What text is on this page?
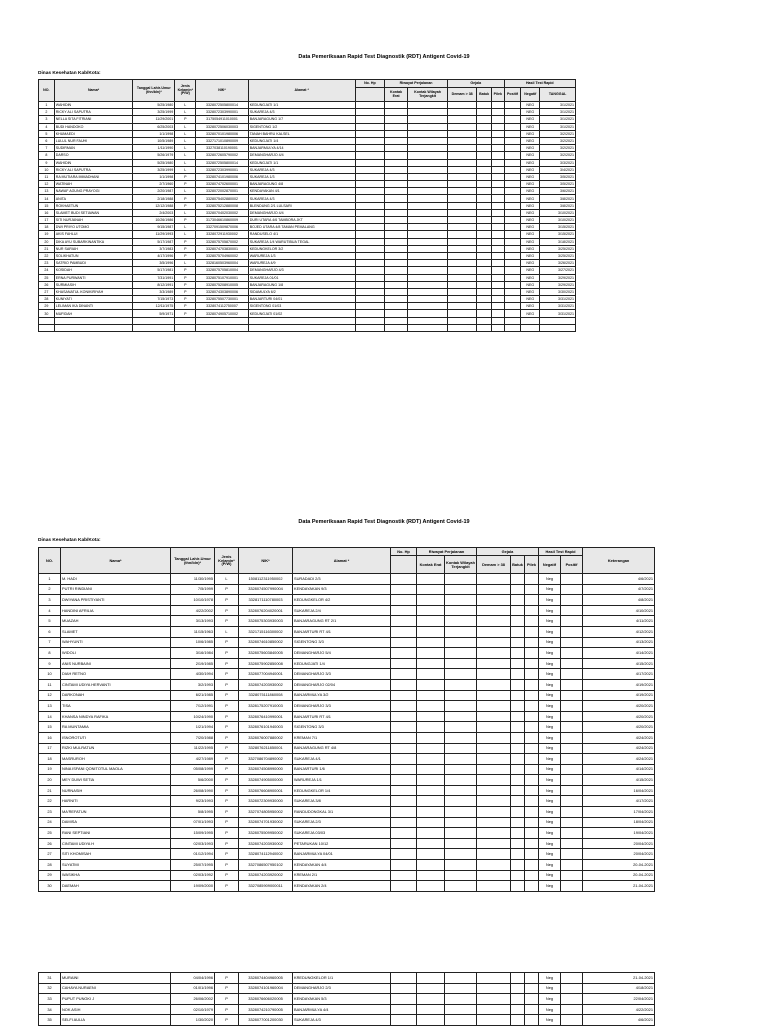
Data Pemeriksaan Rapid Test Diagnostik (RDT) Antigent Covid-19
Dinas Kesehatan Kab/Kota:
NO.	Nama*	Tanggal Lahir-Umur (thn/bln)*	Jenis Kelamin* (P/W)	NIK*	Alamat *	No. Hp	Riwayat Perjalanan		Gejala			Hasil Test Rapid		
							Kontak Erat	Kontak Wilayah Terjangkit	Demam > 38	Batuk	Pilek	Positif	Negatif	TANGGAL
1	WAHIDIN	5/25/1980	L	3328072505800014	KEDUNGJATI 1/1								NEG	3/1/2021
2	RICKY ALI SAPUTRA	3/25/1999	L	3328072303990001	SUKAREJA 4/3								NEG	3/1/2021
3	NELLA SITA FITRIANI	11/29/2001	P	3175054911010001	BANJARAGUNG 1/7								NEG	3/1/2021
4	BUDI HANDOKO	6/25/2003	L	3328072506030003	SIGENTONG 1/2								NEG	3/1/2021
5	KHUMAEDI	1/1/1998	L	3328070101980006	TANAH BAHRU KALSEL								NEG	3/2/2021
6	LULUL NUR FAUHI	10/5/1989	L	3327171010890009	KEDUNGJATI 1/4								NEG	3/2/2021
7	SUDIRMAN	1/11/1990	L	3327038110190001	BANJARMULYA 4/14								NEG	3/2/2021
8	DARSO	5/26/1979	L	3328072605790002	DEMANGHARJO 4/4								NEG	3/2/2021
9	WAHIDIN	5/25/1980	L	3328072505800014	KEDUNGJATI 1/1								NEG	3/3/2021
10	RICKY ALI SAPUTRA	3/25/1999	L	3328072303990001	SUKAREJA 4/3								NEG	3/4/2021
11	RA MUTIARA IMMADHANI	1/1/1998	P	3328074101980006	SUKAREJA 1/3								NEG	3/5/2021
12	WATINAH	2/7/1960	P	3328074702600001	BANJARAGUNG 4/8								NEG	3/5/2021
13	NAWAF AGUNG PRAYOGI	2/20/1987	L	3328072002870001	KENDAYAKAN 4/1								NEG	3/6/2021
14	ANITA	2/18/1988	P	3328075402880002	SUKAREJA 4/3								NEG	3/8/2021
15	ROKHAETUN	12/12/1988	P	3328075212880008	BLENDUNG 2/1 LULSARI								NEG	3/8/2021
16	SLAMET BUDI SETIAWAN	2/4/2003	L	3328070402030002	DEMANGHARJO 4/4								NEG	3/10/2021
17	SITI NURJANAH	10/26/1986	P	3173046610860009	DURI UTARA 4/6 TAMBORA JKT								NEG	3/10/2021
18	DWI PRIYO UTOMO	9/15/1987	L	3327091509870006	BOJED UTARA 4/8 TAMAN PEMALANG								NEG	3/15/2021
19	AKIS FAHLUI	11/29/1993	L	3328072911930002	RANDUSELO 4/1								NEG	3/15/2021
20	DIKA AYU SUBARKINANTIKA	5/17/1987	P	3328075705870002	SUKAREJA 1/4 WARUTIBUA TEGAL								NEG	3/18/2021
21	NUR SARIAH	3/7/1983	P	3328074703830001	KEDUNGKELOR 3/2								NEG	3/25/2021
22	SOLIKHATUN	4/17/1996	P	3328075704960002	WARUREJA 1/3								NEG	3/25/2021
23	SATRIO PAMBUDI	3/5/1996	L	3328160503960004	WARUREJA 4/9								NEG	3/26/2021
24	KOSIDAH	5/17/1981	P	3328075705810004	DEMANGHARJO 4/3								NEG	3/27/2021
25	ERNA PURWANTI	7/31/1991	P	3328075107910001	SUKAREJA 01/01								NEG	3/29/2021
26	SURMIASIH	8/12/1991	P	3328075208910005	BANJARAGUNG 1/8								NEG	3/29/2021
27	KHASANATUL KONIKIRIYAH	3/3/1989	P	3328074303890006	SIDAMULYA 6/2								NEG	3/30/2021
28	KUNIYATI	7/15/1973	P	3328075507730001	BANJARTURI 04/01								NEG	3/31/2021
29	LELIMAN IKA DINANTI	12/11/1975	P	3328074112750007	SIGENTONG 01/03								NEG	3/31/2021
30	MUFIDAH	5/9/1971	P	3328074905710002	KEDUNGJATI 01/02								NEG	3/31/2021

Data Pemeriksaan Rapid Test Diagnostik (RDT) Antigent Covid-19
Dinas Kesehatan Kab/Kota:
NO.	Nama*	Tanggal Lahir-Umur (thn/bln)*	Jenis Kelamin* (P/W)	NIK*	Alamat *	No. Hp	Riwayat Perjalanan		Gejala			Hasil Test Rapid		Keterangan
							Kontak Erat	Kontak Wilayah Terjangkit	Demam > 38	Batuk	Pilek	Negatif	Positif	
1	M. HADI	11/30/1995	L	1508112311950002	SURADADI 2/3							Neg		4/6/2021
2	PUTRI RINDIANI	7/5/1999	P	3328074507990004	KENDAYAKAN 9/3							Neg		4/7/2021
3	DWIYANA PRISTIYANTI	10/10/1978	P	3328171110780003	KEDUNGKELOR 4/2							Neg		4/8/2021
4	HANDINI AFRILIA	4/22/2002	P	3328076204020001	SUKAREJA 2/4							Neg		4/10/2021
5	MUAZAH	3/13/1993	P	3328075303930003	BANJARAGUNG RT 2/1							Neg		4/11/2021
6	SLAMET	11/15/1963	L	3321715116300002	BANJARTURI RT 4/1							Neg		4/12/2021
7	WAHYUNTI	10/6/1985	P	3328074610850002	SIGENTONG 3/3							Neg		4/13/2021
8	WIDOLI	3/16/1984	P	3328075603840005	DEMANGHARJO 5/4							Neg		4/14/2021
9	ANIS NURBAINI	2/19/1985	P	3328075902850008	KEDUNGJATI 1/4							Neg		4/15/2021
10	DIAH RETNO	4/30/1994	P	3328077004940001	DEMANGHARJO 3/3							Neg		4/17/2021
11	CINTAMI UDIYA HERVANTI	3/2/1993	P	3328074203930002	DEMANGHARJO 02/04							Neg		4/19/2021
12	DARKONAH	6/21/1985	P	3328075111860008	BANJARMULYA 3/2							Neg		4/19/2021
13	TISA	7/12/1991	P	3328175207910003	DEMANGHARJO 3/3							Neg		4/20/2021
14	KHANSA NINDYA RAFIKA	10/24/1990	P	3328076410990001	BANJARTURI RT 4/1							Neg		4/20/2021
15	RA MUNTAMIA	1/21/1994	P	3328076101940003	SIGENTONG 3/3							Neg		4/20/2021
16	ISNOROTUTI	7/20/1988	P	3328076007880002	KREMAN 7/1							Neg		4/24/2021
17	RIZKI MULRATUN	11/22/1995	P	3328076211850001	BANJARAGUNG RT 4/8							Neg		4/24/2021
18	MASRUROH	4/27/1989	P	3327086704890002	SUKAREJA 4/1							Neg		4/24/2021
19	NINA ISFANI QONITOTUL MAOLA	05/08/1999	P	3328074508990000	BANJARTURI 1/6							Neg		4/14/2021
20	MEY DUWI SETIA	5/6/2000	P	3328074905000000	WARUREJA 1/1							Neg		4/15/2021
21	NURNASIH	26/08/1990	P	3328076608900001	KEDUNGKELOR 1/4							Neg		16/04/2021
22	HARNITI	9/23/1993	P	3328072309930000	SUKAREJA 3/8							Neg		4/17/2021
23	MA'REFATUN	5/8/1995	P	3327074805950002	RANDUDONGKAL 3/1							Neg		17/04/2021
24	DAMISA	07/01/1993	P	3328074701930002	SUKAREJA 2/3							Neg		18/04/2021
25	RANI SEPTIANI	15/09/1995	P	3328075509950002	SUKAREJA 03/03							Neg		19/04/2021
26	CINTAMI UDIYA H	02/03/1993	P	3328074203930002	PETARUKAN 10/12							Neg		20/04/2021
27	SITI KHOMISAH	01/12/1994	P	3328074112940002	BANJARMULYA 04/01							Neg		20/04/2021
28	SUYATMI	25/07/1995	P	3327086507950102	KENDAYAKAN 4/4							Neg		20-04-2021
29	WASIKHA	02/03/1992	P	3328074203920002	KREMAN 2/1							Neg		20-04-2021
30	DAEMAH	19/09/2000	P	3327085909000011	KENDAYAKAN 2/4							Neg		21-04-2021
31	MURAINI	04/04/1996	P	3328074404960005	KREDUNGKELOR 1/1							Neg		21-04-2021
32	CAHAYA NURAENI	01/01/1996	P	3328074101960004	DEMANGHARJO 2/3							Neg		4/18/2021
33	PUPUT PUNGKI J	26/06/2002	P	3328076606020005	KENDAYAKAN 5/3							Neg		22/04/2021
34	NOK ASIH	02/10/1979	P	3328074210790005	BANJARMULYA 4/4							Neg		4/22/2021
35	SELFI AULIA	1/30/2020	P	3328077001200030	SUKAREJA 4/3							Neg		4/6/2021
